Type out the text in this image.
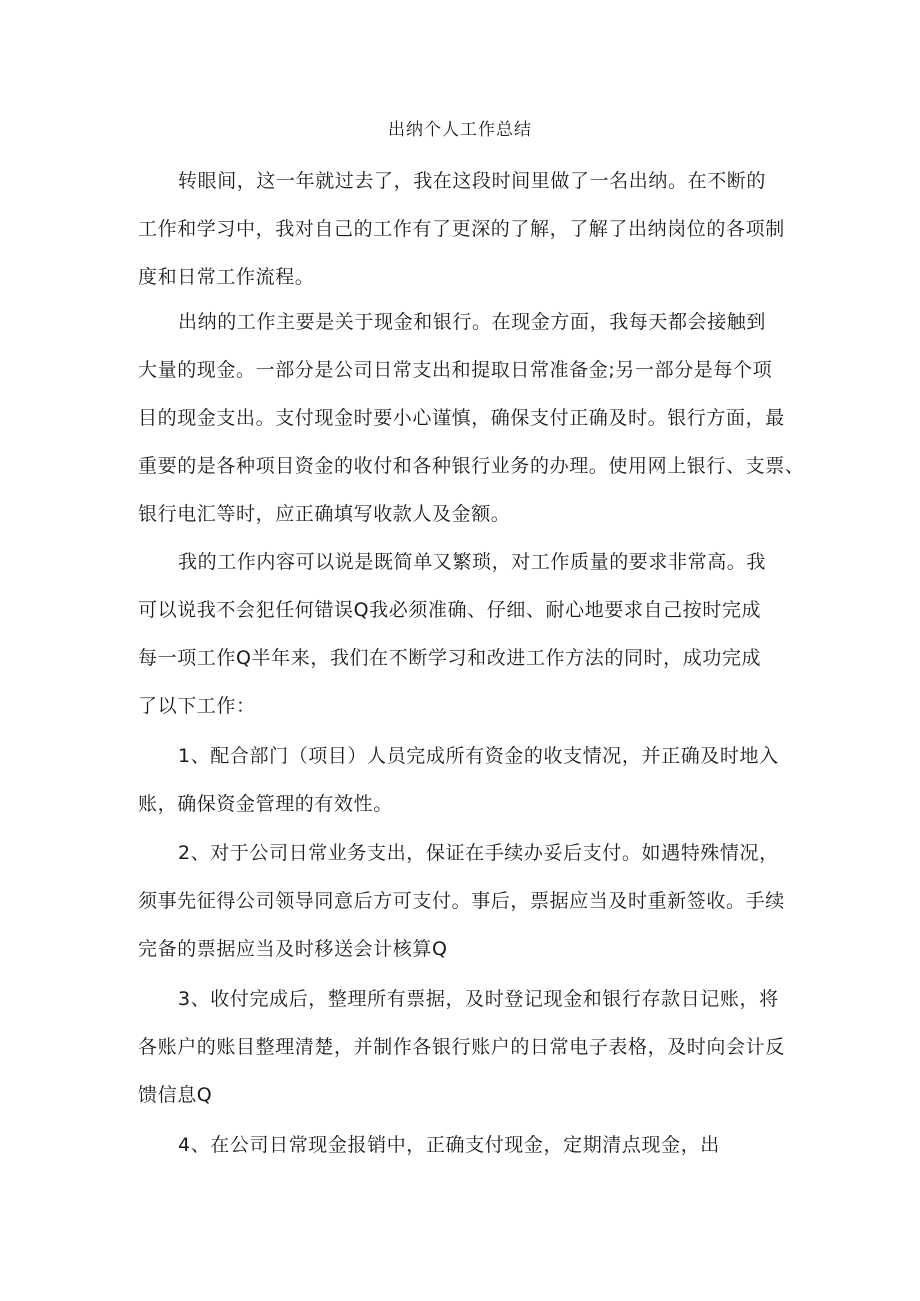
出纳个人工作总结
转眼间，这一年就过去了，我在这段时间里做了一名出纳。在不断的
工作和学习中，我对自己的工作有了更深的了解，了解了出纳岗位的各项制
度和日常工作流程。
出纳的工作主要是关于现金和银行。在现金方面，我每天都会接触到
大量的现金。一部分是公司日常支出和提取日常准备金;另一部分是每个项
目的现金支出。支付现金时要小心谨慎，确保支付正确及时。银行方面，最
重要的是各种项目资金的收付和各种银行业务的办理。使用网上银行、支票、
银行电汇等时，应正确填写收款人及金额。
我的工作内容可以说是既简单又繁琐，对工作质量的要求非常高。我
可以说我不会犯任何错误Q我必须准确、仔细、耐心地要求自己按时完成
每一项工作Q半年来，我们在不断学习和改进工作方法的同时，成功完成
了以下工作：
1、配合部门（项目）人员完成所有资金的收支情况，并正确及时地入
账，确保资金管理的有效性。
2、对于公司日常业务支出，保证在手续办妥后支付。如遇特殊情况，
须事先征得公司领导同意后方可支付。事后，票据应当及时重新签收。手续
完备的票据应当及时移送会计核算Q
3、收付完成后，整理所有票据，及时登记现金和银行存款日记账，将
各账户的账目整理清楚，并制作各银行账户的日常电子表格，及时向会计反
馈信息Q
4、在公司日常现金报销中，正确支付现金，定期清点现金，出
